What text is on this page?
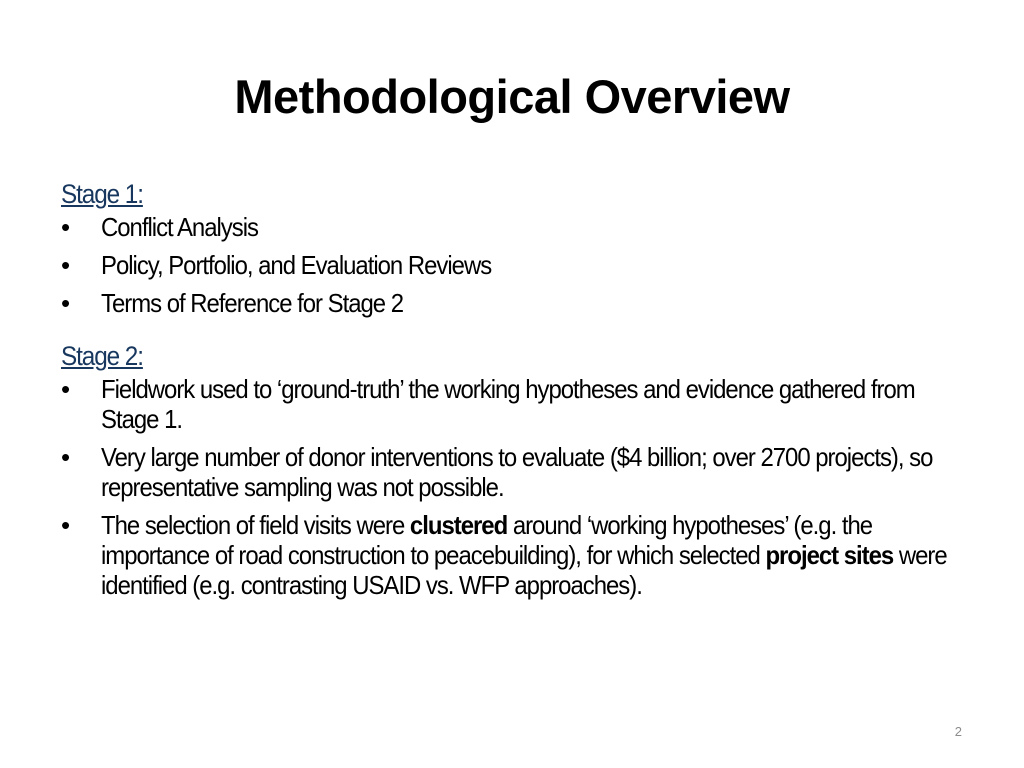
Methodological Overview
Stage 1:
•	Conflict Analysis
•	Policy, Portfolio, and Evaluation Reviews
•	Terms of Reference for Stage 2
Stage 2:
•	Fieldwork used to ‘ground-truth’ the working hypotheses and evidence gathered from Stage 1.
•	Very large number of donor interventions to evaluate ($4 billion; over 2700 projects), so representative sampling was not possible.
•	The selection of field visits were clustered around ‘working hypotheses’ (e.g. the importance of road construction to peacebuilding), for which selected project sites were identified (e.g. contrasting USAID vs. WFP approaches).
2
